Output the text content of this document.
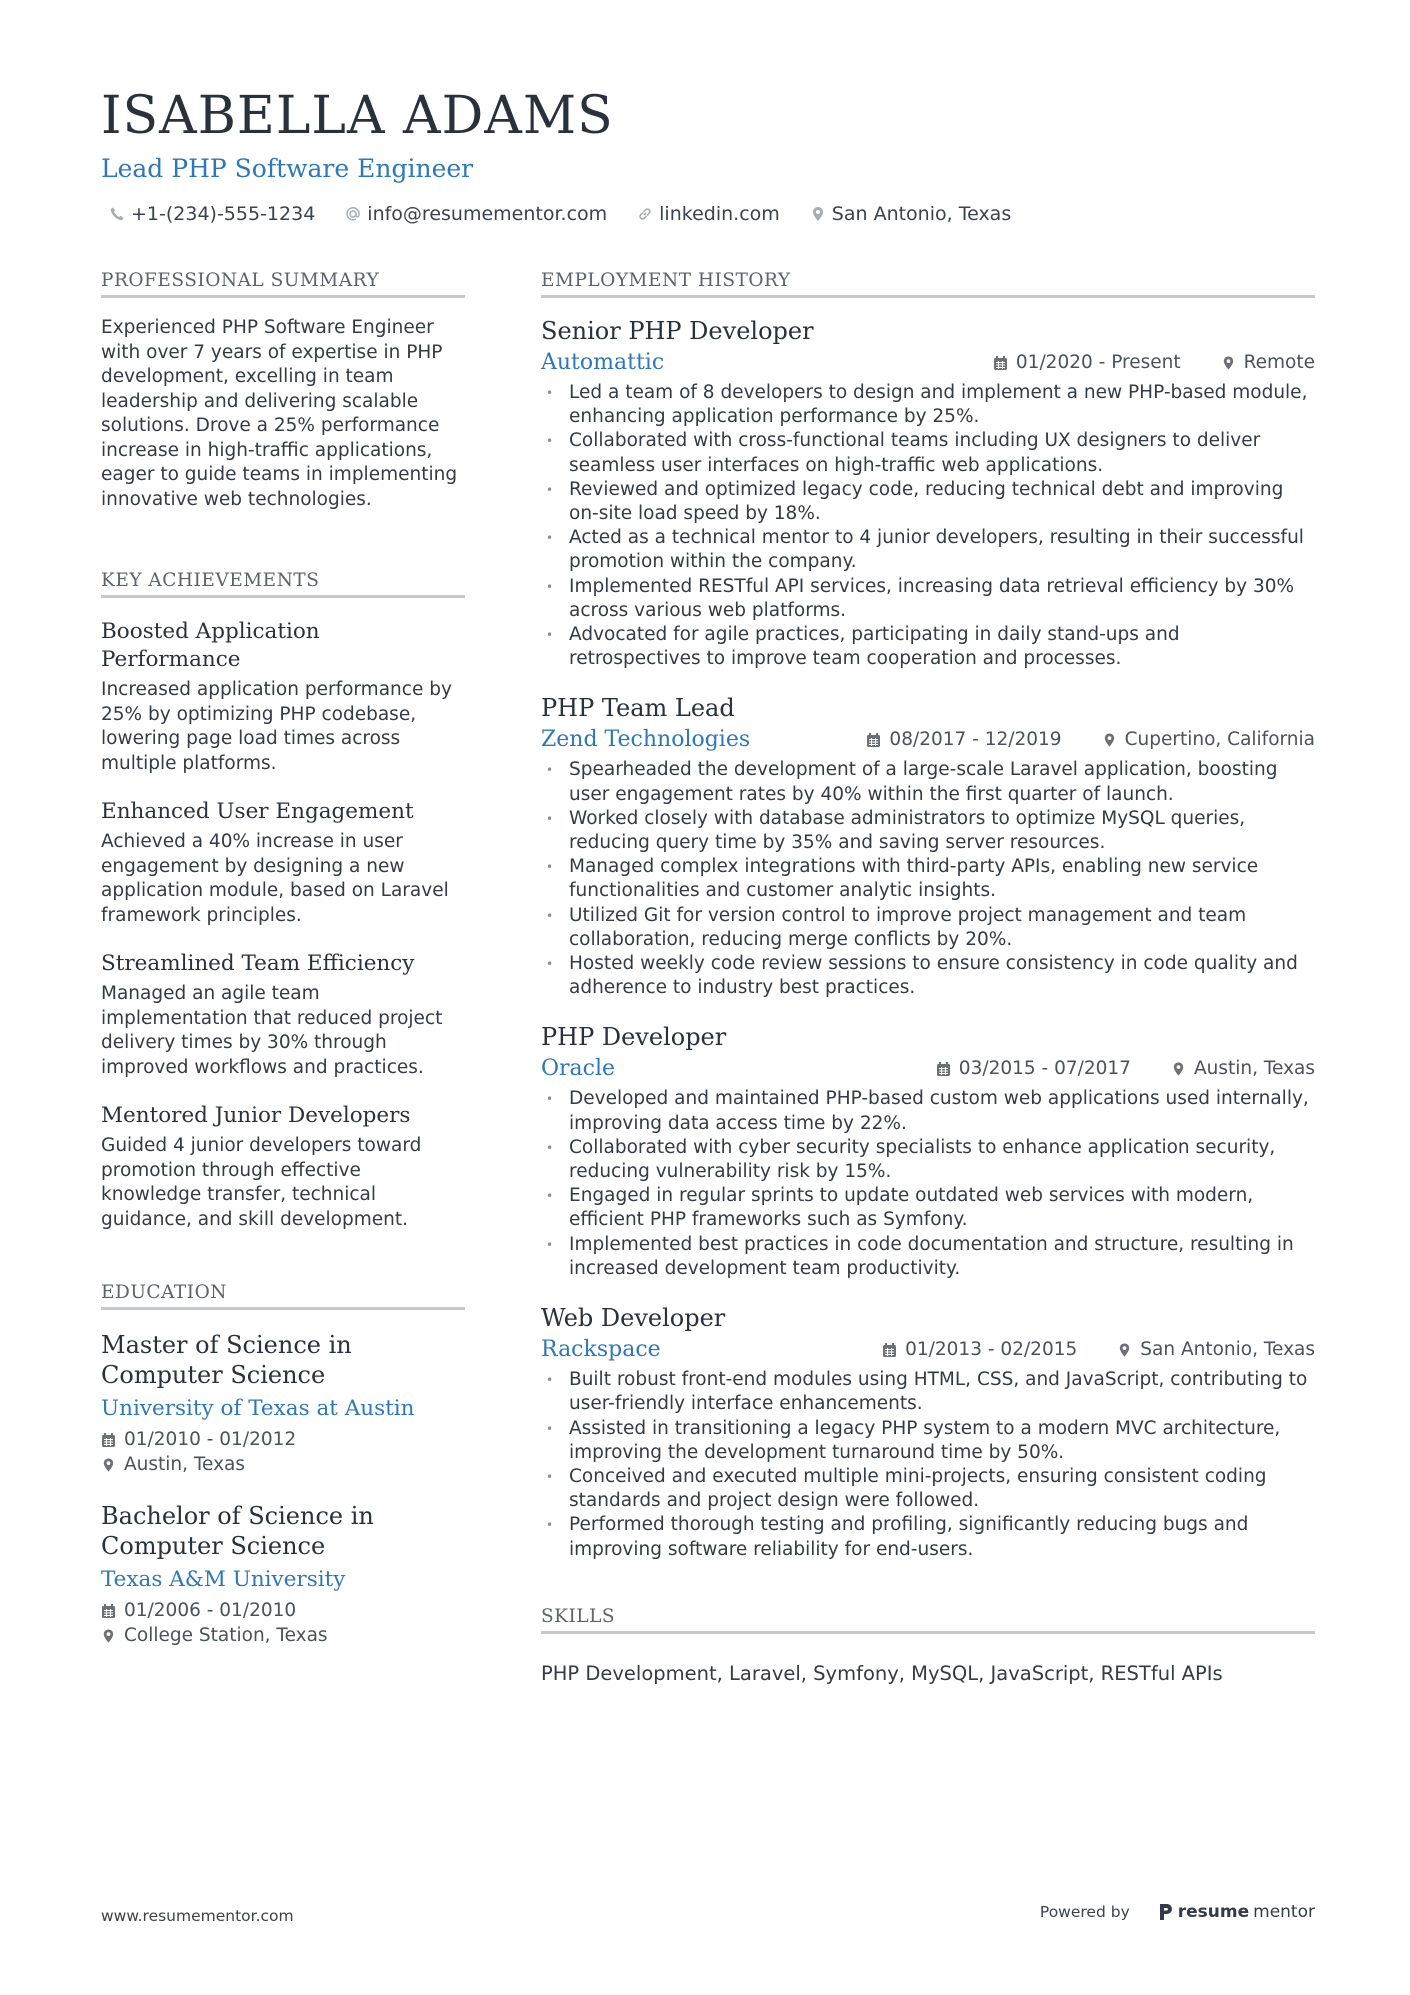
ISABELLA ADAMS
Lead PHP Software Engineer
+1-(234)-555-1234	info@resumementor.com	linkedin.com	San Antonio, Texas
PROFESSIONAL SUMMARY
Experienced PHP Software Engineer with over 7 years of expertise in PHP development, excelling in team leadership and delivering scalable solutions. Drove a 25% performance increase in high-traffic applications, eager to guide teams in implementing innovative web technologies.
KEY ACHIEVEMENTS
Boosted Application Performance
Increased application performance by 25% by optimizing PHP codebase, lowering page load times across multiple platforms.
Enhanced User Engagement
Achieved a 40% increase in user engagement by designing a new application module, based on Laravel framework principles.
Streamlined Team Efficiency
Managed an agile team implementation that reduced project delivery times by 30% through improved workflows and practices.
Mentored Junior Developers
Guided 4 junior developers toward promotion through effective knowledge transfer, technical guidance, and skill development.
EDUCATION
Master of Science in Computer Science
University of Texas at Austin
01/2010 - 01/2012
Austin, Texas
Bachelor of Science in Computer Science
Texas A&M University
01/2006 - 01/2010
College Station, Texas
EMPLOYMENT HISTORY
Senior PHP Developer
Automattic	01/2020 - Present	Remote
• Led a team of 8 developers to design and implement a new PHP-based module, enhancing application performance by 25%.
• Collaborated with cross-functional teams including UX designers to deliver seamless user interfaces on high-traffic web applications.
• Reviewed and optimized legacy code, reducing technical debt and improving on-site load speed by 18%.
• Acted as a technical mentor to 4 junior developers, resulting in their successful promotion within the company.
• Implemented RESTful API services, increasing data retrieval efficiency by 30% across various web platforms.
• Advocated for agile practices, participating in daily stand-ups and retrospectives to improve team cooperation and processes.
PHP Team Lead
Zend Technologies	08/2017 - 12/2019	Cupertino, California
• Spearheaded the development of a large-scale Laravel application, boosting user engagement rates by 40% within the first quarter of launch.
• Worked closely with database administrators to optimize MySQL queries, reducing query time by 35% and saving server resources.
• Managed complex integrations with third-party APIs, enabling new service functionalities and customer analytic insights.
• Utilized Git for version control to improve project management and team collaboration, reducing merge conflicts by 20%.
• Hosted weekly code review sessions to ensure consistency in code quality and adherence to industry best practices.
PHP Developer
Oracle	03/2015 - 07/2017	Austin, Texas
• Developed and maintained PHP-based custom web applications used internally, improving data access time by 22%.
• Collaborated with cyber security specialists to enhance application security, reducing vulnerability risk by 15%.
• Engaged in regular sprints to update outdated web services with modern, efficient PHP frameworks such as Symfony.
• Implemented best practices in code documentation and structure, resulting in increased development team productivity.
Web Developer
Rackspace	01/2013 - 02/2015	San Antonio, Texas
• Built robust front-end modules using HTML, CSS, and JavaScript, contributing to user-friendly interface enhancements.
• Assisted in transitioning a legacy PHP system to a modern MVC architecture, improving the development turnaround time by 50%.
• Conceived and executed multiple mini-projects, ensuring consistent coding standards and project design were followed.
• Performed thorough testing and profiling, significantly reducing bugs and improving software reliability for end-users.
SKILLS
PHP Development, Laravel, Symfony, MySQL, JavaScript, RESTful APIs
www.resumementor.com	Powered by	resume mentor
